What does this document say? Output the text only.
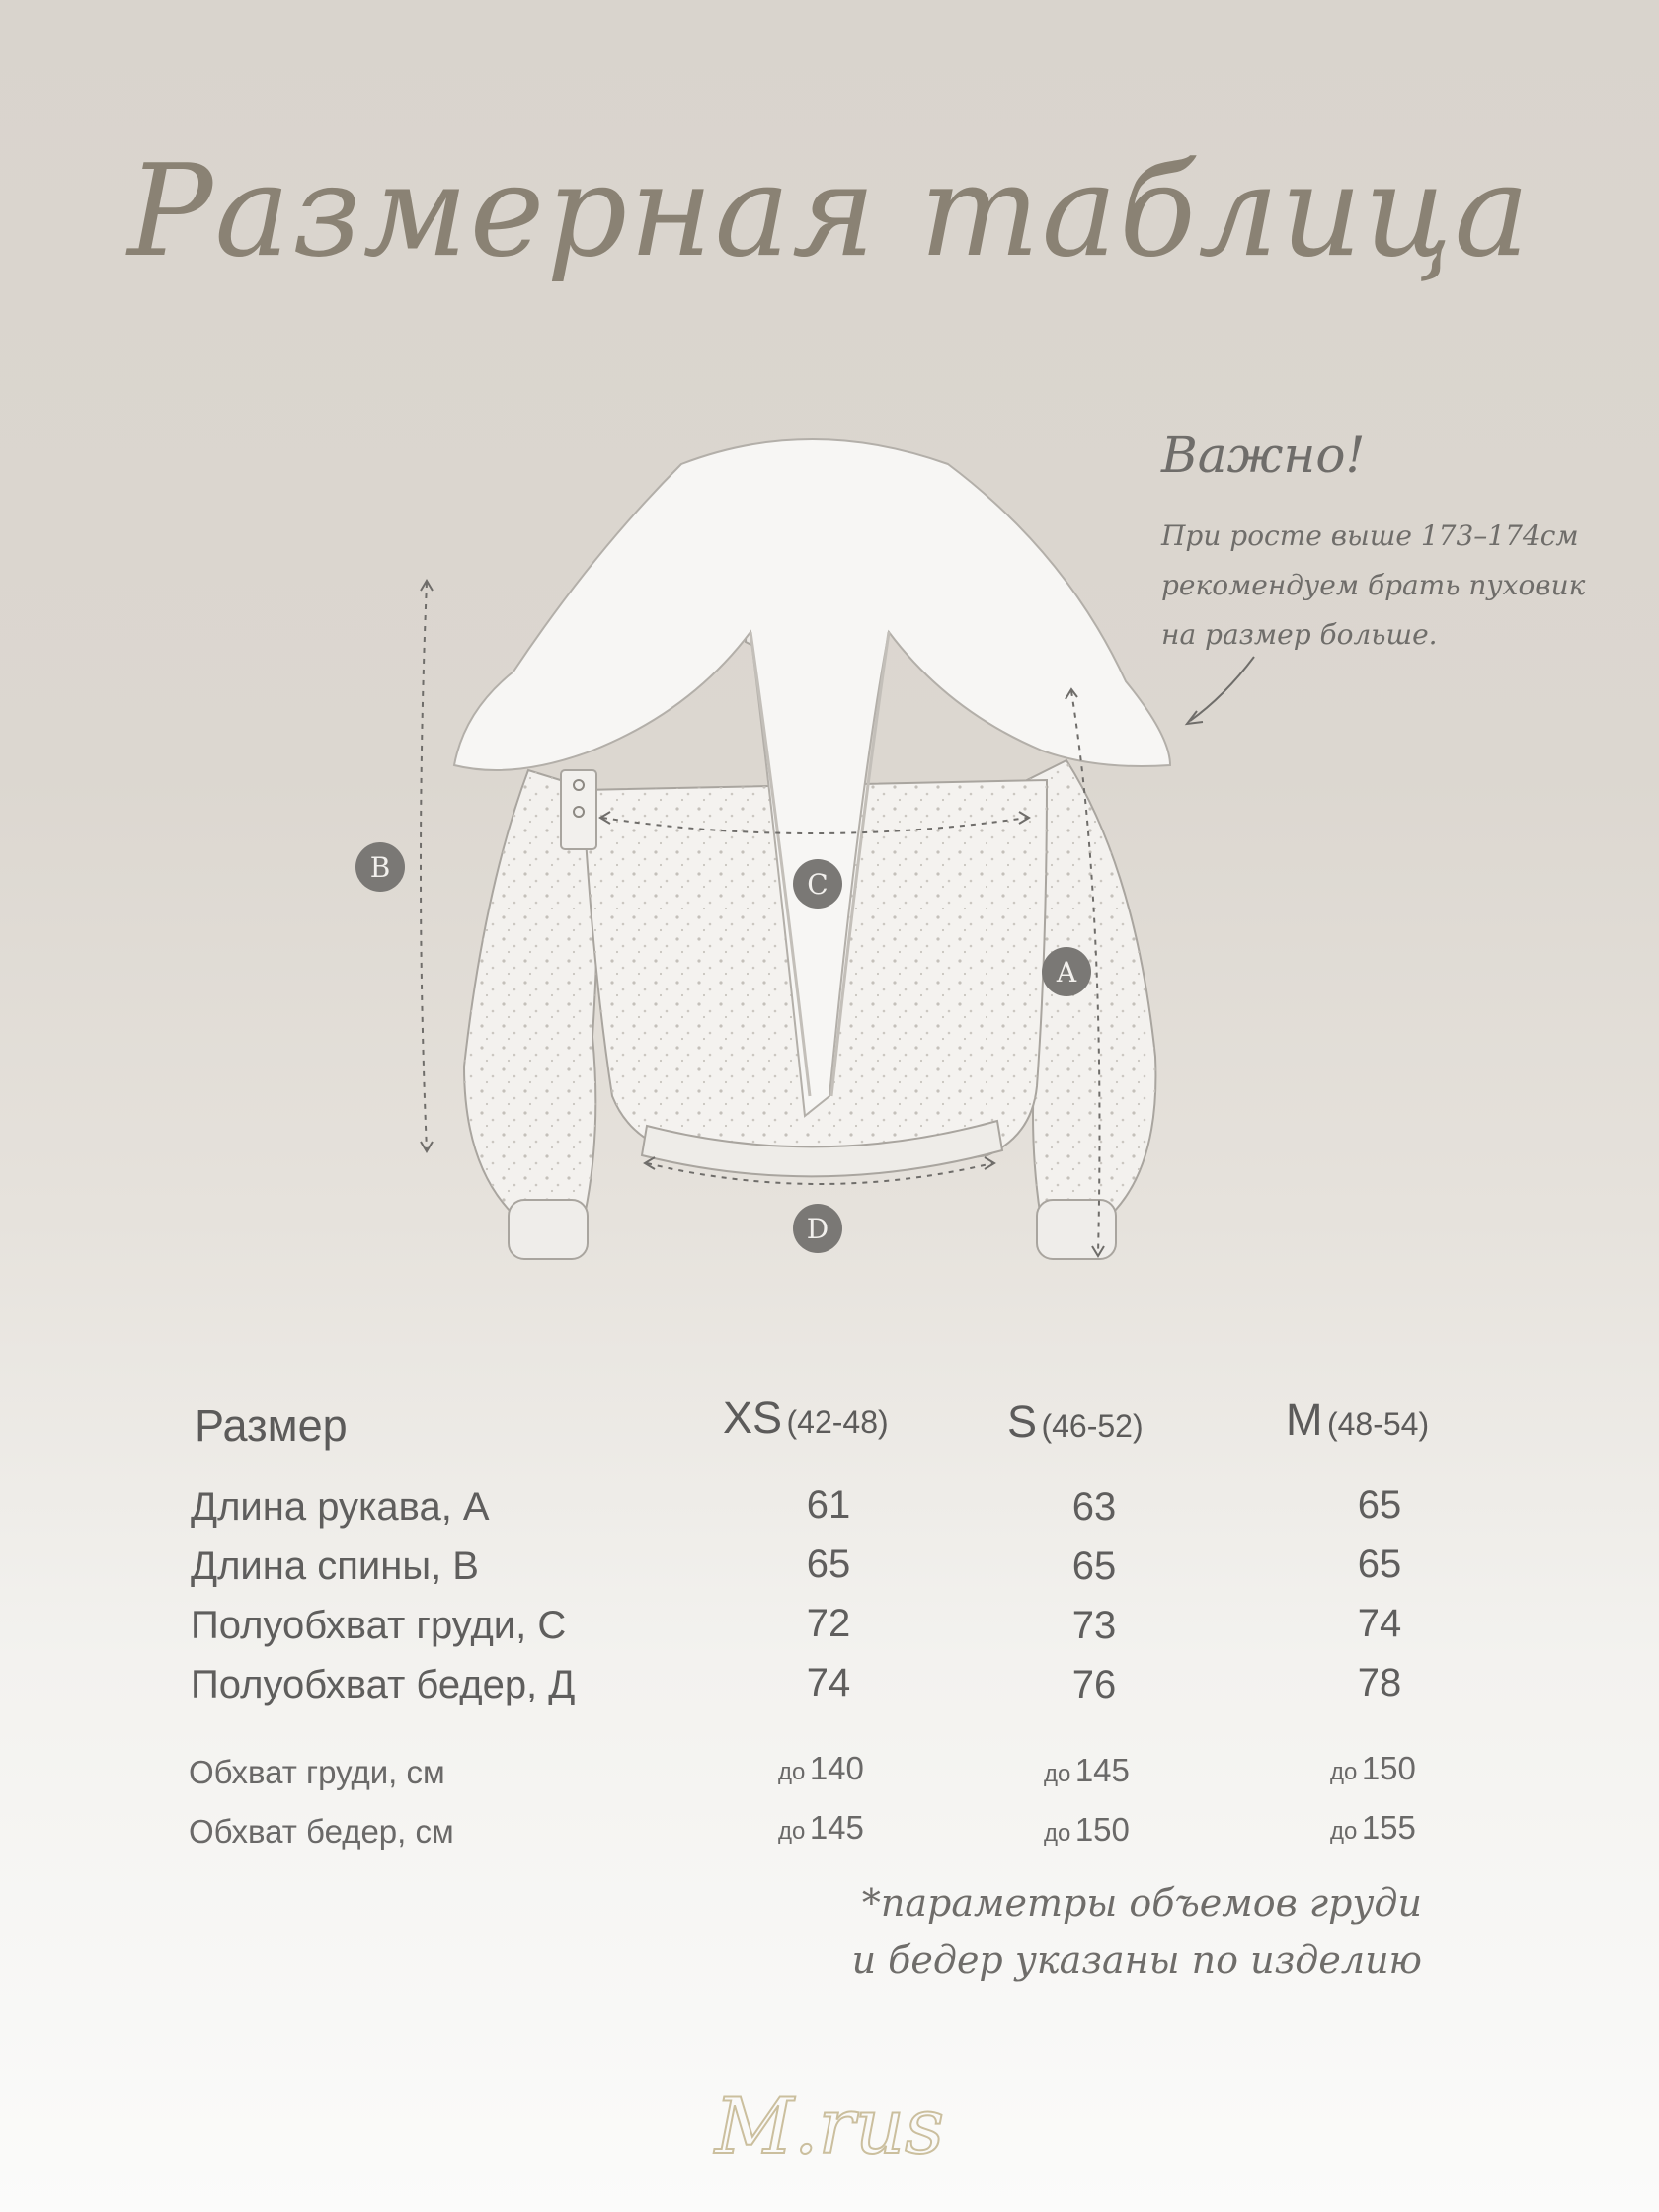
Размерная таблица
B
C
A
D
Важно!
При росте выше 173–174см
рекомендуем брать пуховик
на размер больше.
Размер	XS (42-48)	S (46-52)	M (48-54)
Длина рукава, А	61	63	65
Длина спины, В	65	65	65
Полуобхват груди, С	72	73	74
Полуобхват бедер, Д	74	76	78
Обхват груди, см	до 140	до 145	до 150
Обхват бедер, см	до 145	до 150	до 155
*параметры объемов груди
и бедер указаны по изделию
M.rus
